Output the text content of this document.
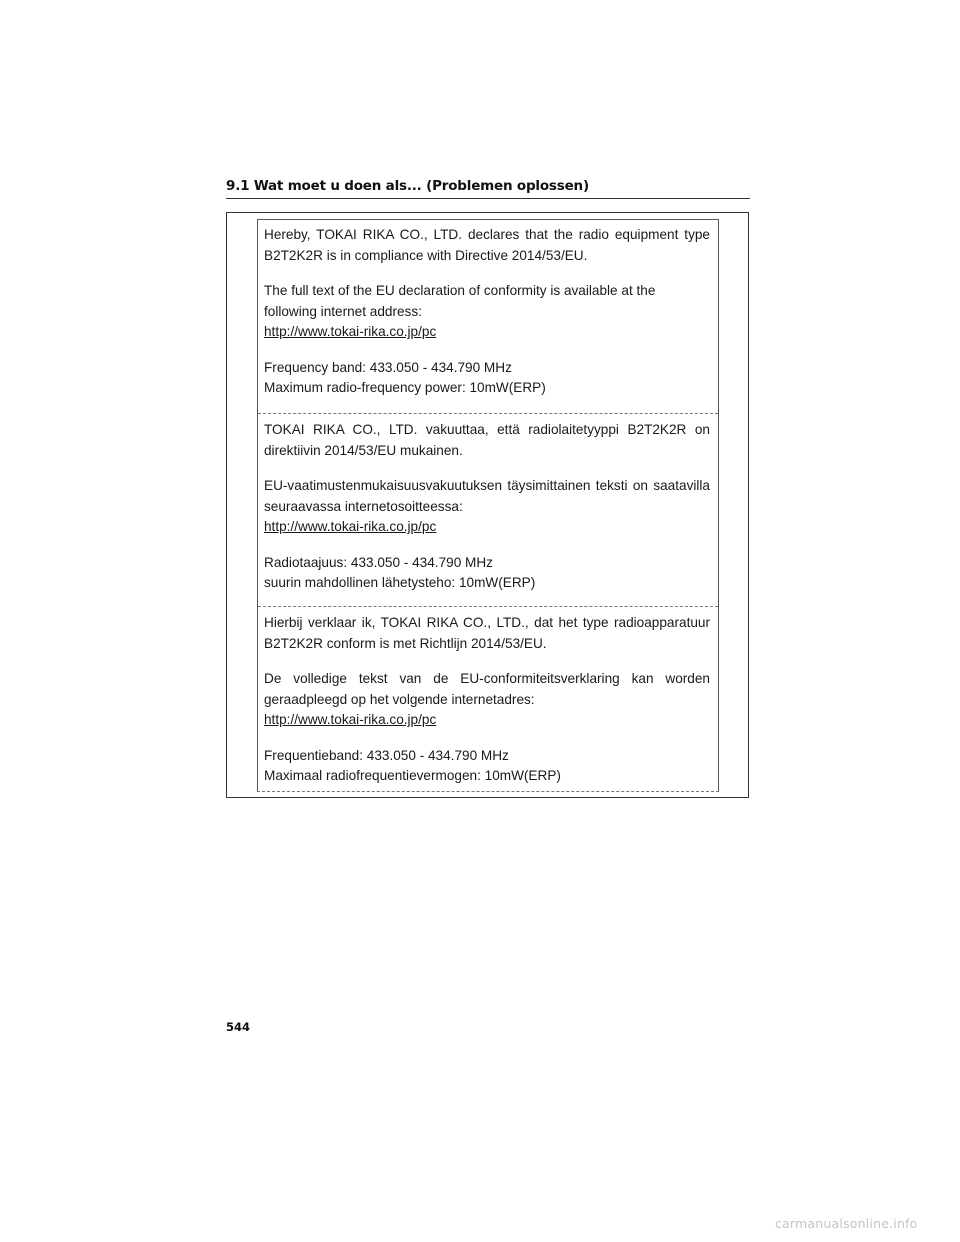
9.1 Wat moet u doen als... (Problemen oplossen)

Hereby, TOKAI RIKA CO., LTD. declares that the radio equipment type B2T2K2R is in compliance with Directive 2014/53/EU.

The full text of the EU declaration of conformity is available at the following internet address:
http://www.tokai-rika.co.jp/pc

Frequency band: 433.050 - 434.790 MHz
Maximum radio-frequency power: 10mW(ERP)

TOKAI RIKA CO., LTD. vakuuttaa, että radiolaitetyyppi B2T2K2R on direktiivin 2014/53/EU mukainen.

EU-vaatimustenmukaisuusvakuutuksen täysimittainen teksti on saatavilla seuraavassa internetosoitteessa:
http://www.tokai-rika.co.jp/pc

Radiotaajuus: 433.050 - 434.790 MHz
suurin mahdollinen lähetysteho: 10mW(ERP)

Hierbij verklaar ik, TOKAI RIKA CO., LTD., dat het type radioapparatuur B2T2K2R conform is met Richtlijn 2014/53/EU.

De volledige tekst van de EU-conformiteitsverklaring kan worden geraadpleegd op het volgende internetadres:
http://www.tokai-rika.co.jp/pc

Frequentieband: 433.050 - 434.790 MHz
Maximaal radiofrequentievermogen: 10mW(ERP)

544
carmanualsonline.info
